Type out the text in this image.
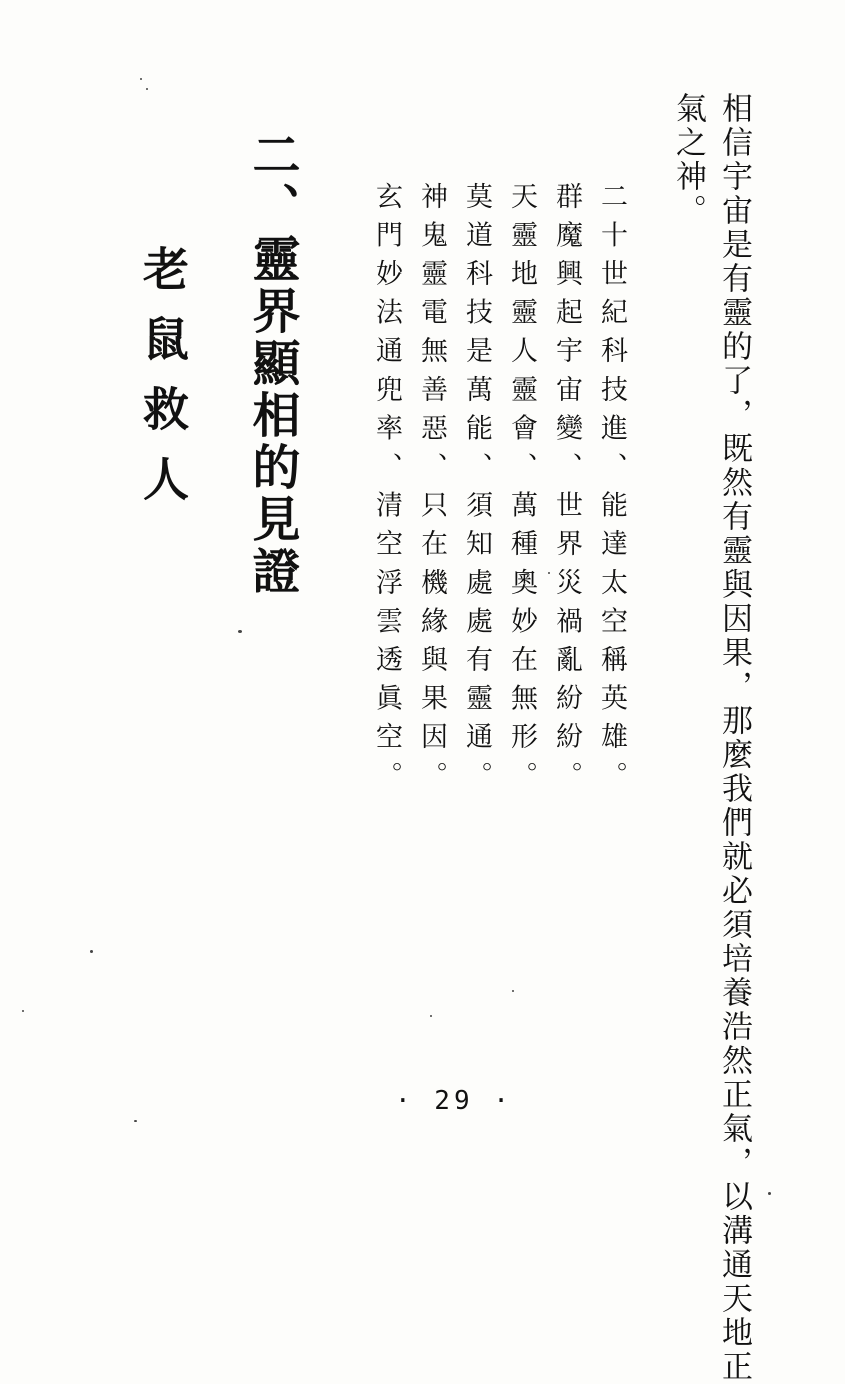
相信宇宙是有靈的了，既然有靈與因果，那麼我們就必須培養浩然正氣，以溝通天地正
氣之神。
二十世紀科技進、能達太空稱英雄。
群魔興起宇宙變、世界災禍亂紛紛。
天靈地靈人靈會、萬種奧妙在無形。
莫道科技是萬能、須知處處有靈通。
神鬼靈電無善惡、只在機緣與果因。
玄門妙法通兜率、清空浮雲透眞空。
二、靈界顯相的見證
老鼠救人
· 29 ·
